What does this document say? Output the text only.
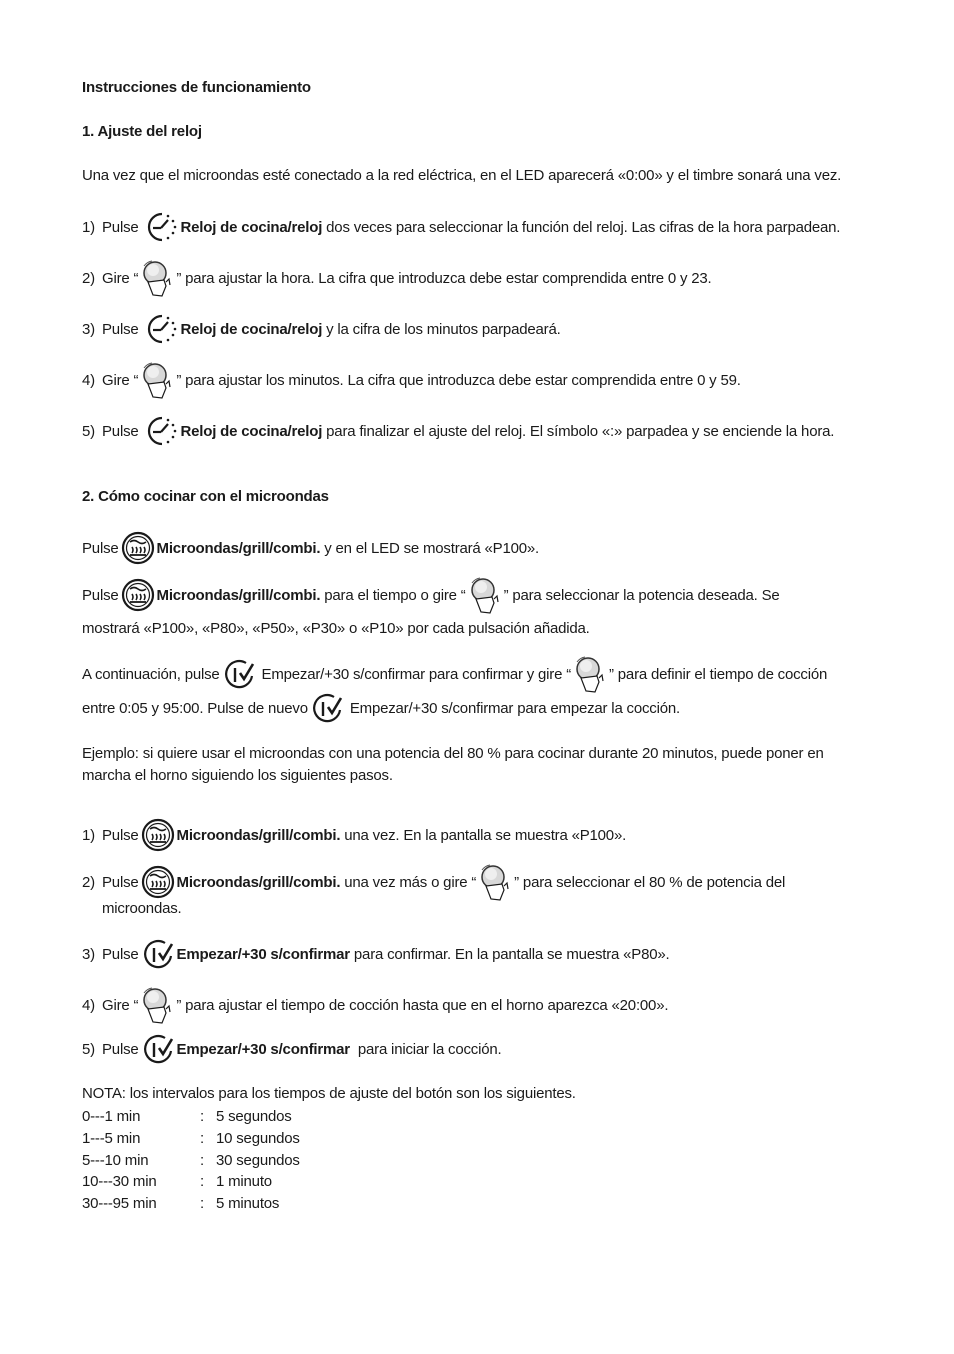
Instrucciones de funcionamiento
1. Ajuste del reloj
Una vez que el microondas esté conectado a la red eléctrica, en el LED aparecerá «0:00» y el timbre sonará una vez.
1) Pulse	Reloj de cocina/reloj dos veces para seleccionar la función del reloj. Las cifras de la hora parpadean.
2) Gire “	” para ajustar la hora. La cifra que introduzca debe estar comprendida entre 0 y 23.
3) Pulse	Reloj de cocina/reloj y la cifra de los minutos parpadeará.
4) Gire “	” para ajustar los minutos. La cifra que introduzca debe estar comprendida entre 0 y 59.
5) Pulse	Reloj de cocina/reloj para finalizar el ajuste del reloj. El símbolo «:» parpadea y se enciende la hora.
2. Cómo cocinar con el microondas
Pulse	Microondas/grill/combi. y en el LED se mostrará «P100».
Pulse	Microondas/grill/combi. para el tiempo o gire “	” para seleccionar la potencia deseada. Se
mostrará «P100», «P80», «P50», «P30» o «P10» por cada pulsación añadida.
A continuación, pulse	Empezar/+30 s/confirmar para confirmar y gire “	” para definir el tiempo de cocción
entre 0:05 y 95:00. Pulse de nuevo	Empezar/+30 s/confirmar para empezar la cocción.
Ejemplo: si quiere usar el microondas con una potencia del 80 % para cocinar durante 20 minutos, puede poner en
marcha el horno siguiendo los siguientes pasos.
1) Pulse	Microondas/grill/combi. una vez. En la pantalla se muestra «P100».
2) Pulse	Microondas/grill/combi. una vez más o gire “	” para seleccionar el 80 % de potencia del
microondas.
3) Pulse	Empezar/+30 s/confirmar para confirmar. En la pantalla se muestra «P80».
4) Gire “	” para ajustar el tiempo de cocción hasta que en el horno aparezca «20:00».
5) Pulse	Empezar/+30 s/confirmar  para iniciar la cocción.
NOTA: los intervalos para los tiempos de ajuste del botón son los siguientes.
0---1 min	: 5 segundos
1---5 min	: 10 segundos
5---10 min	: 30 segundos
10---30 min	: 1 minuto
30---95 min	: 5 minutos
